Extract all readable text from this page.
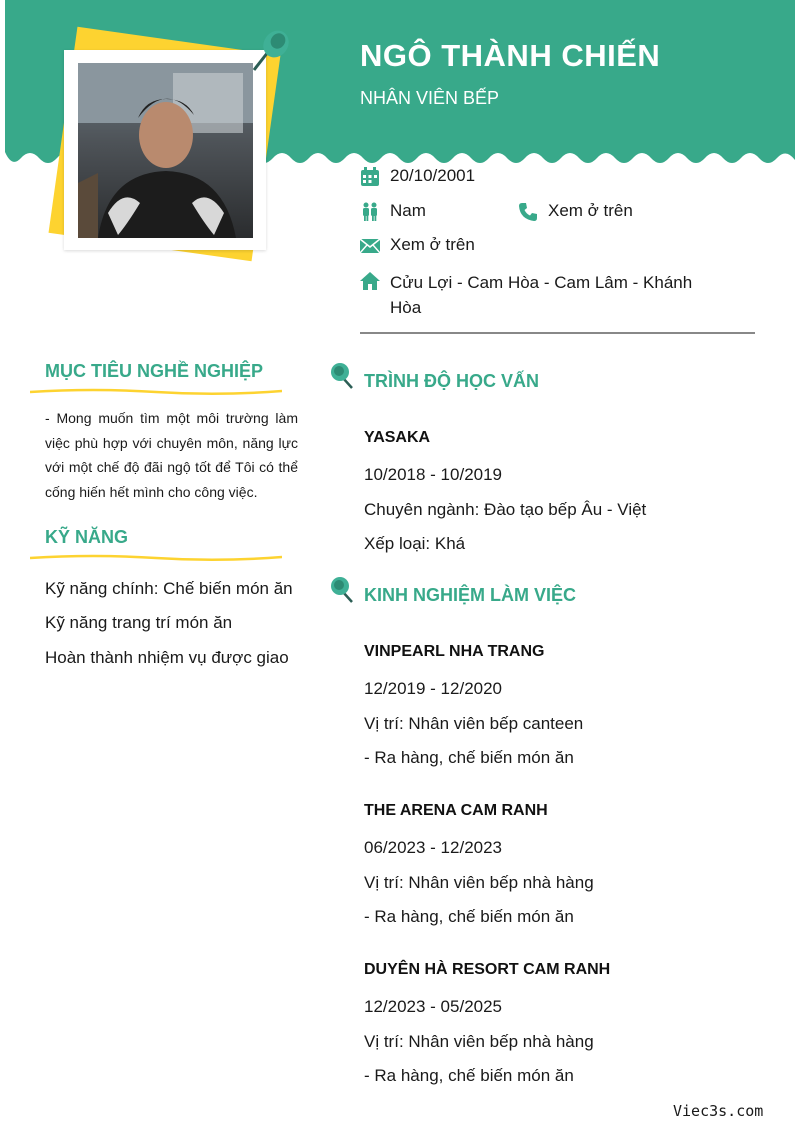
NGÔ THÀNH CHIẾN
NHÂN VIÊN BẾP
20/10/2001
Nam	Xem ở trên
Xem ở trên
Cửu Lợi - Cam Hòa - Cam Lâm - Khánh
Hòa
MỤC TIÊU NGHỀ NGHIỆP
- Mong muốn tìm một môi trường làm việc phù hợp với chuyên môn, năng lực với một chế độ đãi ngộ tốt để Tôi có thể cống hiến hết mình cho công việc.
KỸ NĂNG
Kỹ năng chính: Chế biến món ăn
Kỹ năng trang trí món ăn
Hoàn thành nhiệm vụ được giao
TRÌNH ĐỘ HỌC VẤN
YASAKA
10/2018 - 10/2019
Chuyên ngành: Đào tạo bếp Âu - Việt
Xếp loại: Khá
KINH NGHIỆM LÀM VIỆC
VINPEARL NHA TRANG
12/2019 - 12/2020
Vị trí: Nhân viên bếp canteen
- Ra hàng, chế biến món ăn
THE ARENA CAM RANH
06/2023 - 12/2023
Vị trí: Nhân viên bếp nhà hàng
- Ra hàng, chế biến món ăn
DUYÊN HÀ RESORT CAM RANH
12/2023 - 05/2025
Vị trí: Nhân viên bếp nhà hàng
- Ra hàng, chế biến món ăn
Viec3s.com
